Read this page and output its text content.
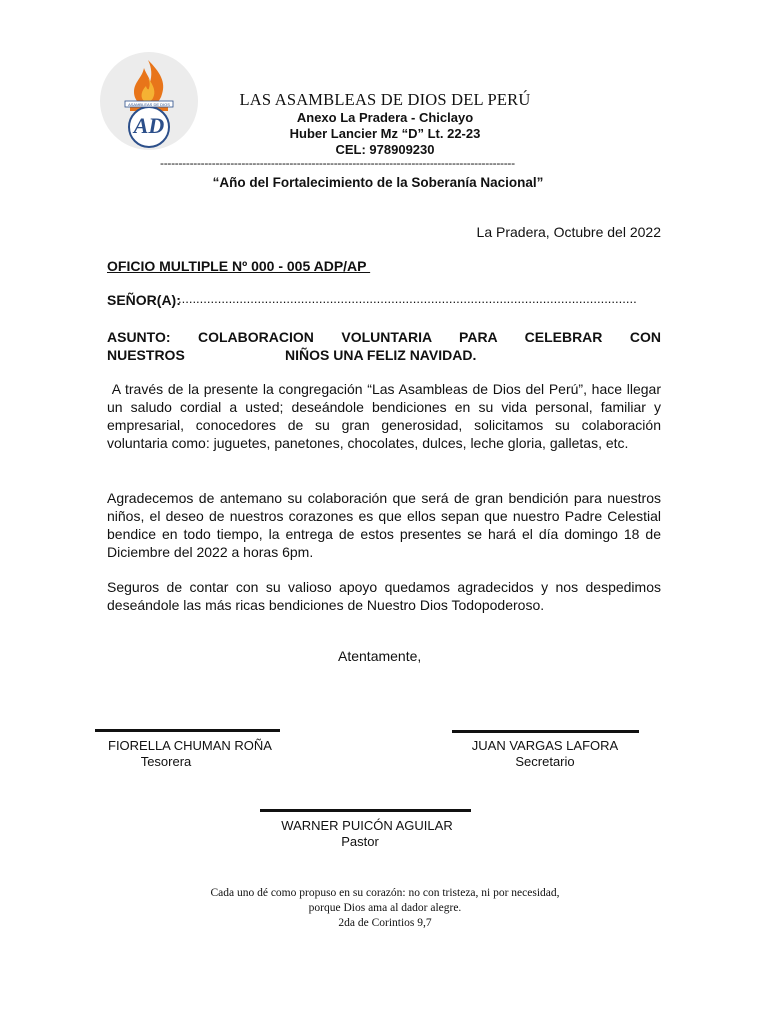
ASAMBLEAS DE DIOS
AD
LAS ASAMBLEAS DE DIOS DEL PERÚ
Anexo La Pradera - Chiclayo
Huber Lancier Mz “D” Lt. 22-23
CEL: 978909230
------------------------------------------------------------------------------------------------
“Año del Fortalecimiento de la Soberanía Nacional”
La Pradera, Octubre del 2022
OFICIO MULTIPLE Nº 000 - 005 ADP/AP
SEÑOR(A):
...............................................................................................................................
ASUNTO: COLABORACION VOLUNTARIA PARA CELEBRAR CON
NUESTROS	NIÑOS UNA FELIZ NAVIDAD.
A través de la presente la congregación “Las Asambleas de Dios del Perú”, hace llegar un saludo cordial a usted; deseándole bendiciones en su vida personal, familiar y empresarial, conocedores de su gran generosidad, solicitamos su colaboración voluntaria como: juguetes, panetones, chocolates, dulces, leche gloria, galletas, etc.
Agradecemos de antemano su colaboración que será de gran bendición para nuestros niños, el deseo de nuestros corazones es que ellos sepan que nuestro Padre Celestial bendice en todo tiempo, la entrega de estos presentes se hará el día domingo 18 de Diciembre del 2022 a horas 6pm.
Seguros de contar con su valioso apoyo quedamos agradecidos y nos despedimos deseándole las más ricas bendiciones de Nuestro Dios Todopoderoso.
Atentamente,
FIORELLA CHUMAN ROÑA
Tesorera
JUAN VARGAS LAFORA
Secretario
WARNER PUICÓN AGUILAR
Pastor
Cada uno dé como propuso en su corazón: no con tristeza, ni por necesidad,
porque Dios ama al dador alegre.
2da de Corintios 9,7
